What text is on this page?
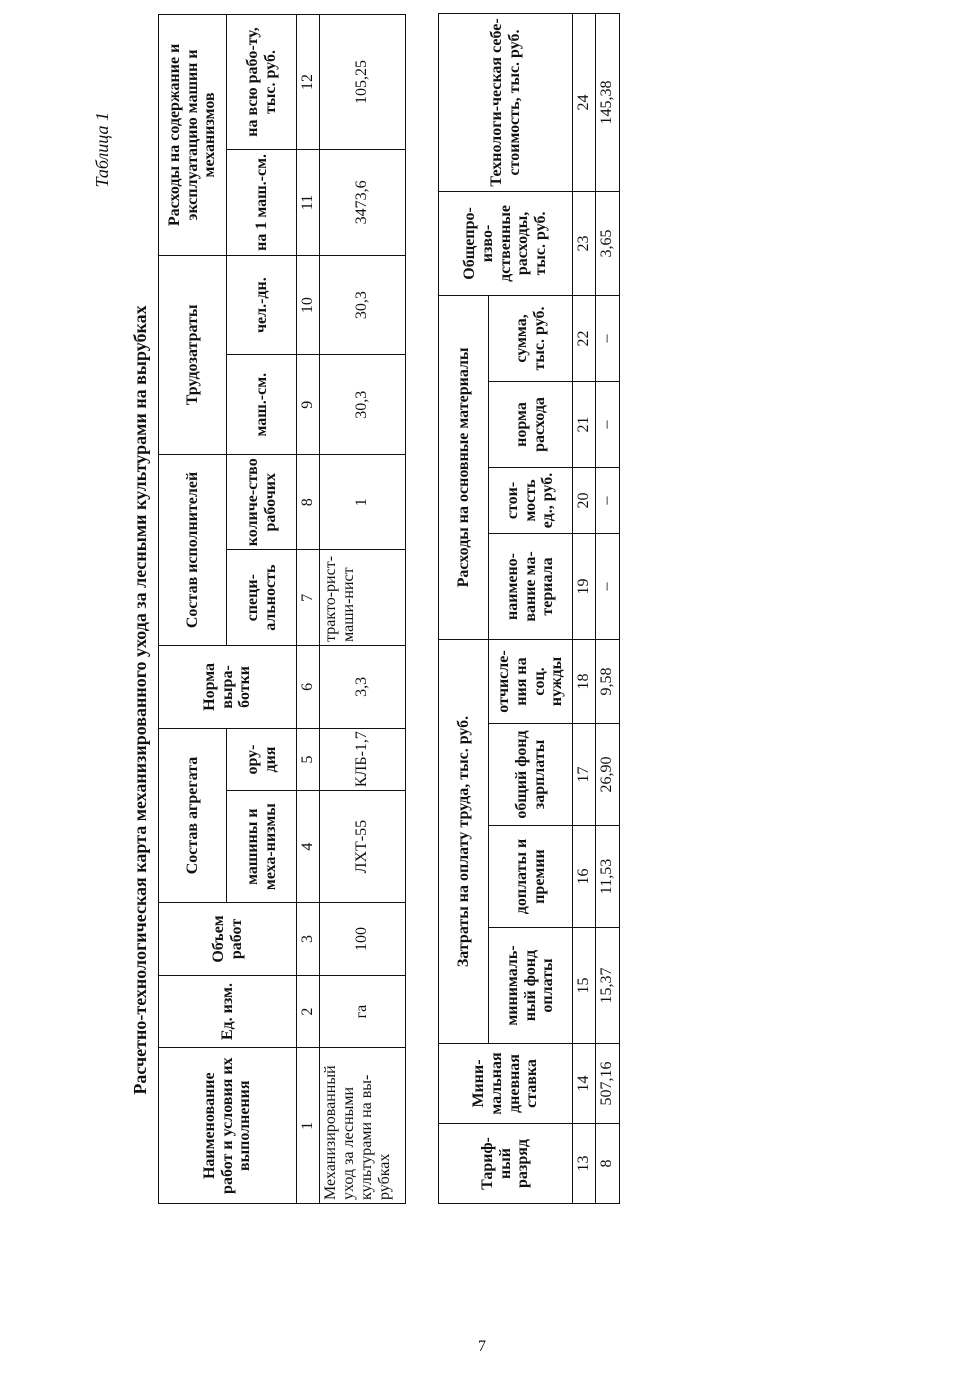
Таблица 1
Расчетно-технологическая карта механизированного ухода за лесными культурами на вырубках
Наименование работ и условия их выполнения	Ед. изм.	Объем работ	Состав агрегата		Норма выра-ботки	Состав исполнителей		Трудозатраты		Расходы на содержание и эксплуатацию машин и механизмов	
			машины и меха-низмы	ору-дия		специ-альность	количе-ство рабочих	маш.-см.	чел.-дн.	на 1 маш.-см.	на всю рабо-ту, тыс. руб.
1	2	3	4	5	6	7	8	9	10	11	12
Механизированный уход за лесными культурами на вы-рубках	га	100	ЛХТ-55	КЛБ-1,7	3,3	тракто-рист-маши-нист	1	30,3	30,3	3473,6	105,25
Тариф-ный разряд	Мини-мальная дневная ставка	Затраты на оплату труда, тыс. руб.				Расходы на основные материалы				Общепро-изво-дственные расходы, тыс. руб.	Технологи-ческая себе-стоимость, тыс. руб.
		минималь-ный фонд оплаты	доплаты и премии	общий фонд зарплаты	отчисле-ния на соц. нужды	наимено-вание ма-териала	стои-мость ед., руб.	норма расхода	сумма, тыс. руб.		
13	14	15	16	17	18	19	20	21	22	23	24
8	507,16	15,37	11,53	26,90	9,58	–	–	–	–	3,65	145,38
7
